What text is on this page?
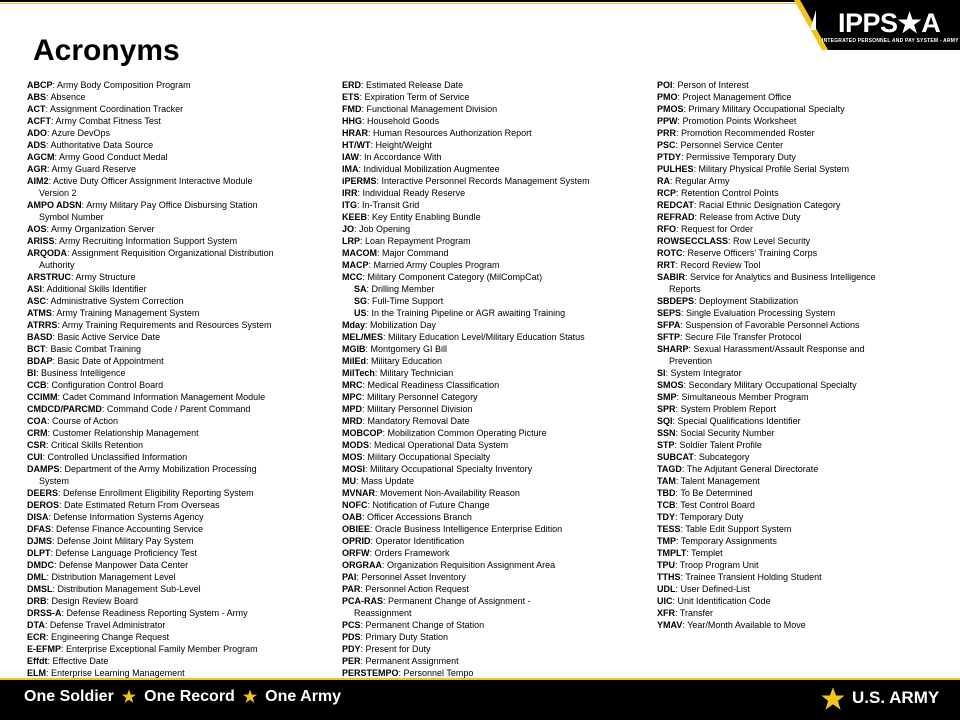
IPPS★A
INTEGRATED PERSONNEL AND PAY SYSTEM - ARMY
Acronyms
ABCP: Army Body Composition Program
ABS: Absence
ACT: Assignment Coordination Tracker
ACFT: Army Combat Fitness Test
ADO: Azure DevOps
ADS: Authoritative Data Source
AGCM: Army Good Conduct Medal
AGR: Army Guard Reserve
AIM2: Active Duty Officer Assignment Interactive Module
Version 2
AMPO ADSN: Army Military Pay Office Disbursing Station
Symbol Number
AOS: Army Organization Server
ARISS: Army Recruiting Information Support System
ARQODA: Assignment Requisition Organizational Distribution
Authority
ARSTRUC: Army Structure
ASI: Additional Skills Identifier
ASC: Administrative System Correction
ATMS: Army Training Management System
ATRRS: Army Training Requirements and Resources System
BASD: Basic Active Service Date
BCT: Basic Combat Training
BDAP: Basic Date of Appointment
BI: Business Intelligence
CCB: Configuration Control Board
CCIMM: Cadet Command Information Management Module
CMDCD/PARCMD: Command Code / Parent Command
COA: Course of Action
CRM: Customer Relationship Management
CSR: Critical Skills Retention
CUI: Controlled Unclassified Information
DAMPS: Department of the Army Mobilization Processing
System
DEERS: Defense Enrollment Eligibility Reporting System
DEROS: Date Estimated Return From Overseas
DISA: Defense Information Systems Agency
DFAS: Defense Finance Accounting Service
DJMS: Defense Joint Military Pay System
DLPT: Defense Language Proficiency Test
DMDC: Defense Manpower Data Center
DML: Distribution Management Level
DMSL: Distribution Management Sub-Level
DRB: Design Review Board
DRSS-A: Defense Readiness Reporting System - Army
DTA: Defense Travel Administrator
ECR: Engineering Change Request
E-EFMP: Enterprise Exceptional Family Member Program
Effdt: Effective Date
ELM: Enterprise Learning Management
ERD: Estimated Release Date
ETS: Expiration Term of Service
FMD: Functional Management Division
HHG: Household Goods
HRAR: Human Resources Authorization Report
HT/WT: Height/Weight
IAW: In Accordance With
IMA: Individual Mobilization Augmentee
iPERMS: Interactive Personnel Records Management System
IRR: Individual Ready Reserve
ITG: In-Transit Grid
KEEB: Key Entity Enabling Bundle
JO: Job Opening
LRP: Loan Repayment Program
MACOM: Major Command
MACP: Married Army Couples Program
MCC: Military Component Category (MilCompCat)
SA: Drilling Member
SG: Full-Time Support
US: In the Training Pipeline or AGR awaiting Training
Mday: Mobilization Day
MEL/MES: Military Education Level/Military Education Status
MGIB: Montgomery GI Bill
MilEd: Military Education
MilTech: Military Technician
MRC: Medical Readiness Classification
MPC: Military Personnel Category
MPD: Military Personnel Division
MRD: Mandatory Removal Date
MOBCOP: Mobilization Common Operating Picture
MODS: Medical Operational Data System
MOS: Military Occupational Specialty
MOSI: Military Occupational Specialty Inventory
MU: Mass Update
MVNAR: Movement Non-Availability Reason
NOFC: Notification of Future Change
OAB: Officer Accessions Branch
OBIEE: Oracle Business Intelligence Enterprise Edition
OPRID: Operator Identification
ORFW: Orders Framework
ORGRAA: Organization Requisition Assignment Area
PAI: Personnel Asset Inventory
PAR: Personnel Action Request
PCA-RAS: Permanent Change of Assignment -
Reassignment
PCS: Permanent Change of Station
PDS: Primary Duty Station
PDY: Present for Duty
PER: Permanent Assignment
PERSTEMPO: Personnel Tempo
POI: Person of Interest
PMO: Project Management Office
PMOS: Primary Military Occupational Specialty
PPW: Promotion Points Worksheet
PRR: Promotion Recommended Roster
PSC: Personnel Service Center
PTDY: Permissive Temporary Duty
PULHES: Military Physical Profile Serial System
RA: Regular Army
RCP: Retention Control Points
REDCAT: Racial Ethnic Designation Category
REFRAD: Release from Active Duty
RFO: Request for Order
ROWSECCLASS: Row Level Security
ROTC: Reserve Officers' Training Corps
RRT: Record Review Tool
SABIR: Service for Analytics and Business Intelligence
Reports
SBDEPS: Deployment Stabilization
SEPS: Single Evaluation Processing System
SFPA: Suspension of Favorable Personnel Actions
SFTP: Secure File Transfer Protocol
SHARP: Sexual Harassment/Assault Response and
Prevention
SI: System Integrator
SMOS: Secondary Military Occupational Specialty
SMP: Simultaneous Member Program
SPR: System Problem Report
SQI: Special Qualifications Identifier
SSN: Social Security Number
STP: Soldier Talent Profile
SUBCAT: Subcategory
TAGD: The Adjutant General Directorate
TAM: Talent Management
TBD: To Be Determined
TCB: Test Control Board
TDY: Temporary Duty
TESS: Table Edit Support System
TMP: Temporary Assignments
TMPLT: Templet
TPU: Troop Program Unit
TTHS: Trainee Transient Holding Student
UDL: User Defined-List
UIC: Unit Identification Code
XFR: Transfer
YMAV: Year/Month Available to Move
One Soldier ★ One Record ★ One Army	U.S. ARMY
